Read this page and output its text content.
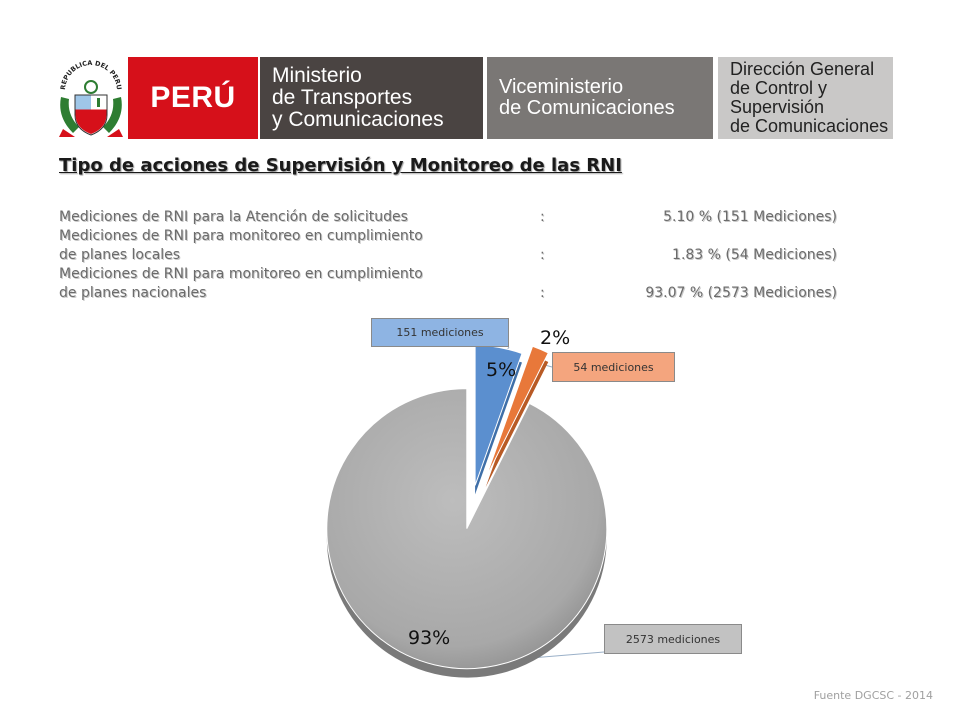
REPUBLICA DEL PERU PERÚ
Ministerio
de Transportes
y Comunicaciones
Viceministerio
de Comunicaciones
Dirección General
de Control y Supervisión
de Comunicaciones
Tipo de acciones de Supervisión y Monitoreo de las RNI
Mediciones de RNI para la Atención de solicitudes	:	5.10 % (151 Mediciones)
Mediciones de RNI para monitoreo en cumplimiento
de planes locales	:	1.83 % (54 Mediciones)
Mediciones de RNI para monitoreo en cumplimiento
de planes nacionales	:	93.07 % (2573 Mediciones)
151 mediciones
54 mediciones
2573 mediciones
5%
2%
93%
Fuente DGCSC - 2014
